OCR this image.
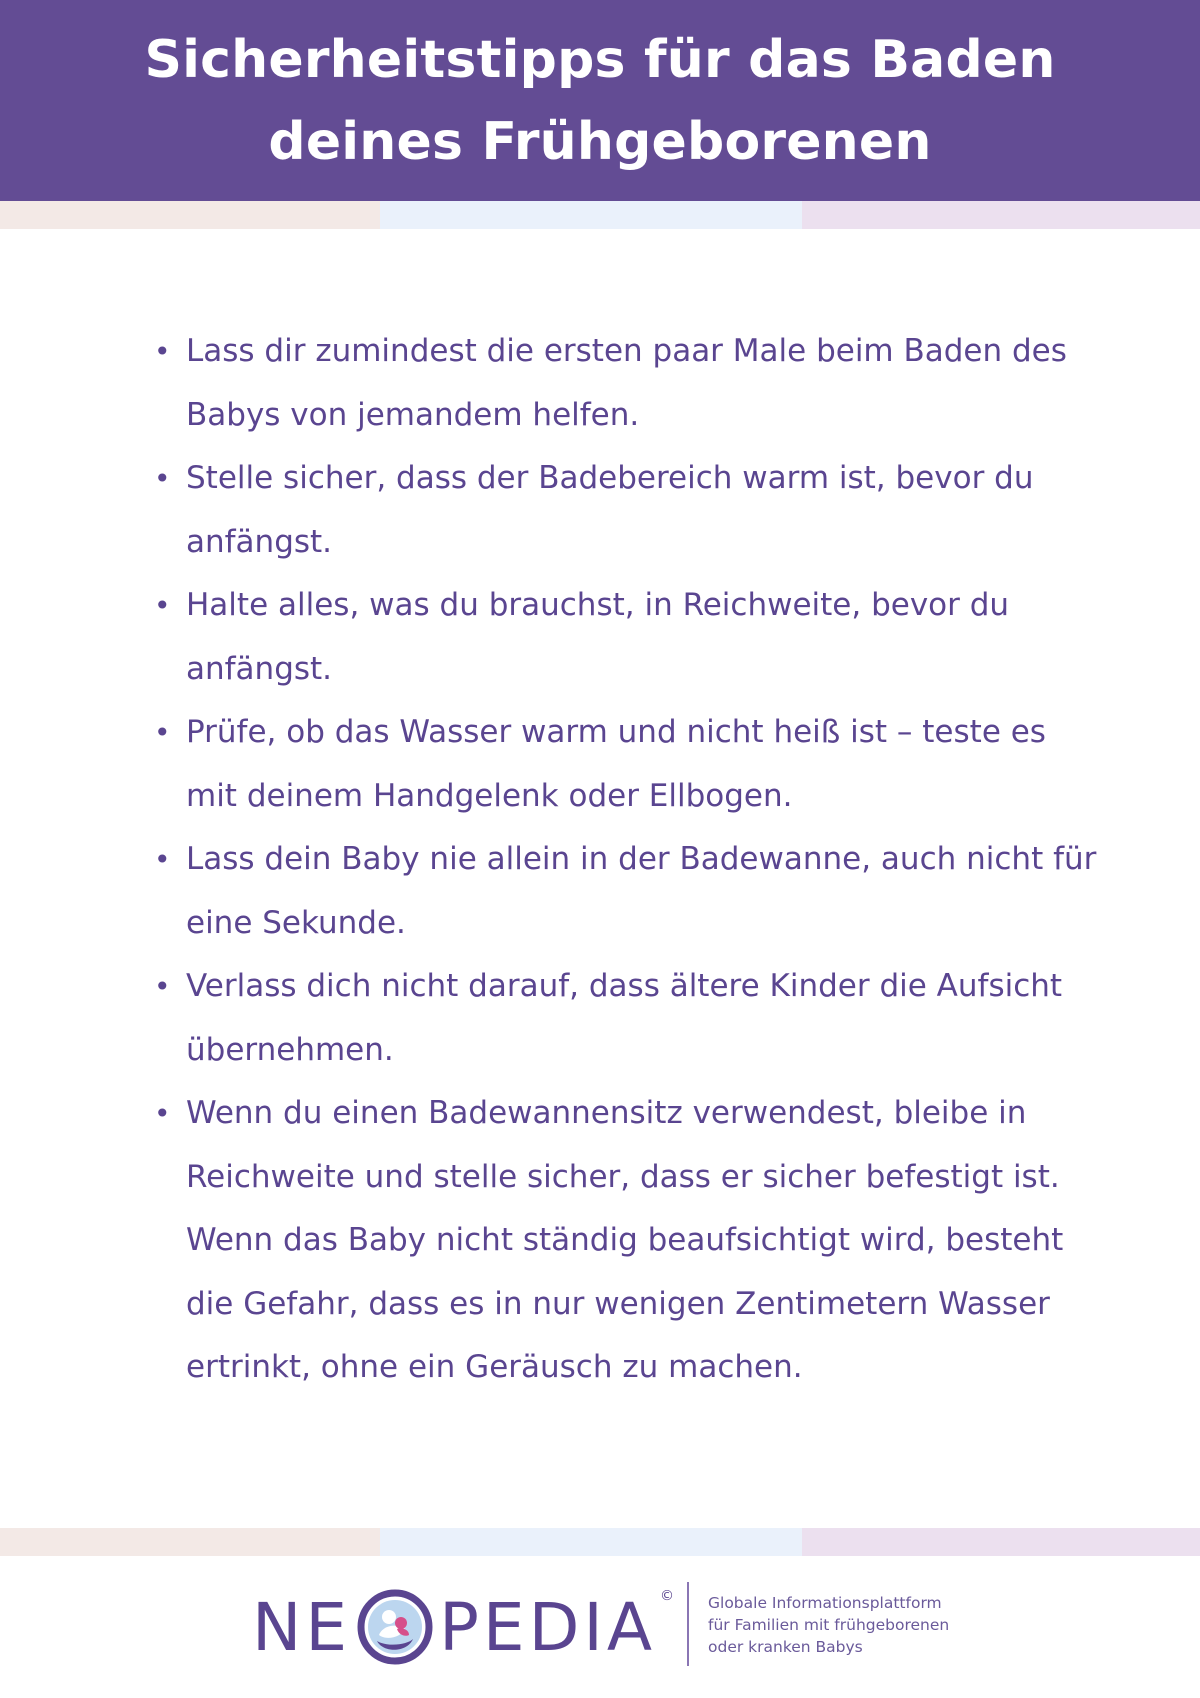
Sicherheitstipps für das Baden
deines Frühgeborenen
• Lass dir zumindest die ersten paar Male beim Baden des Babys von jemandem helfen.
• Stelle sicher, dass der Badebereich warm ist, bevor du anfängst.
• Halte alles, was du brauchst, in Reichweite, bevor du anfängst.
• Prüfe, ob das Wasser warm und nicht heiß ist – teste es mit deinem Handgelenk oder Ellbogen.
• Lass dein Baby nie allein in der Badewanne, auch nicht für eine Sekunde.
• Verlass dich nicht darauf, dass ältere Kinder die Aufsicht übernehmen.
• Wenn du einen Badewannensitz verwendest, bleibe in Reichweite und stelle sicher, dass er sicher befestigt ist. Wenn das Baby nicht ständig beaufsichtigt wird, besteht die Gefahr, dass es in nur wenigen Zentimetern Wasser ertrinkt, ohne ein Geräusch zu machen.
NE PEDIA © Globale Informationsplattform
für Familien mit frühgeborenen
oder kranken Babys
